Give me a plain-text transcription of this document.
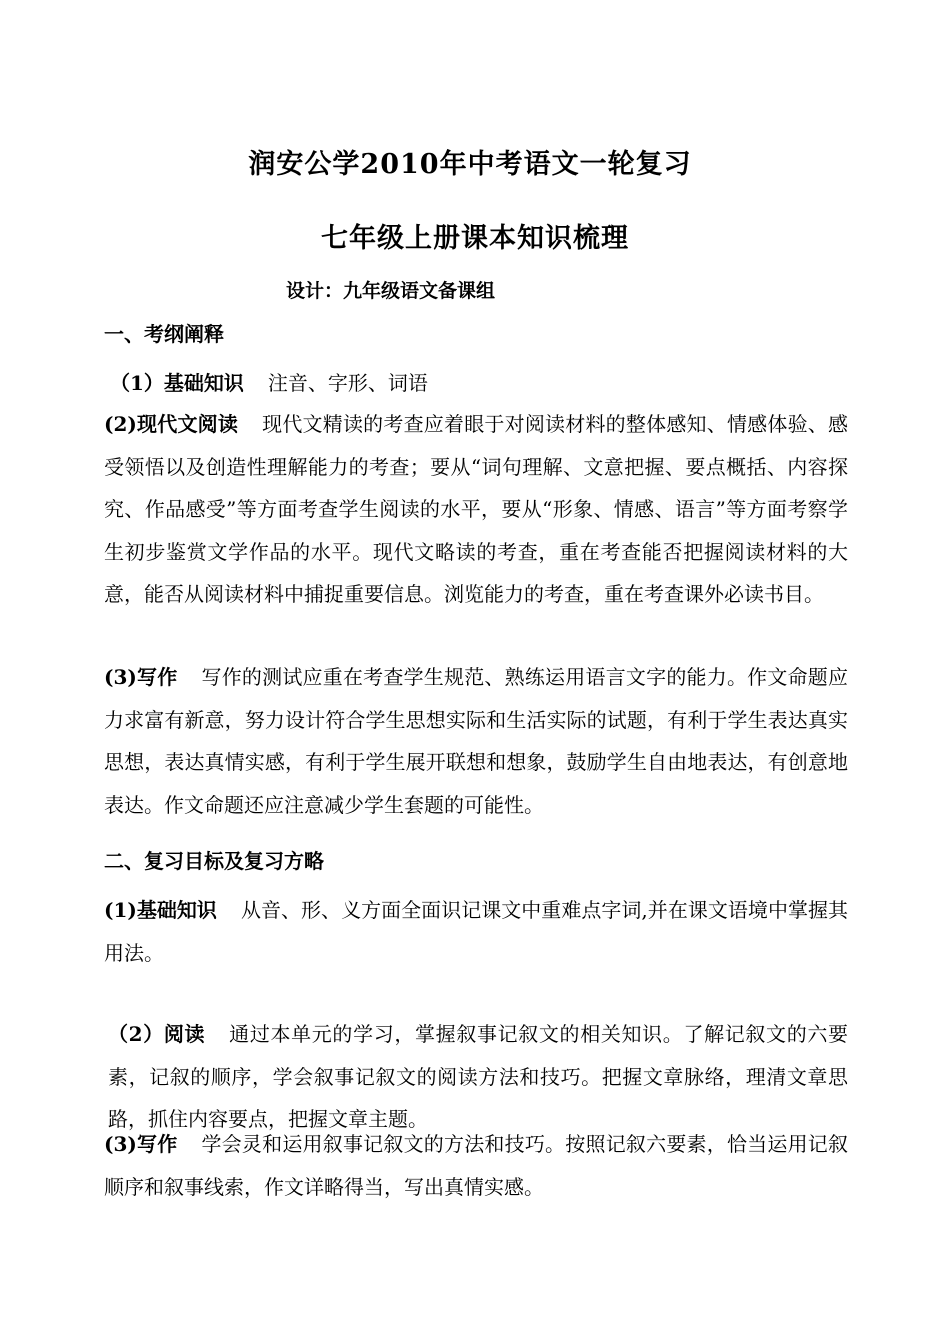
润安公学2010年中考语文一轮复习
七年级上册课本知识梳理
设计：九年级语文备课组
一、考纲阐释
（1）基础知识 注音、字形、词语
(2)现代文阅读 现代文精读的考查应着眼于对阅读材料的整体感知、情感体验、感受领悟以及创造性理解能力的考查；要从“词句理解、文意把握、要点概括、内容探究、作品感受”等方面考查学生阅读的水平，要从“形象、情感、语言”等方面考察学生初步鉴赏文学作品的水平。现代文略读的考查，重在考查能否把握阅读材料的大意，能否从阅读材料中捕捉重要信息。浏览能力的考查，重在考查课外必读书目。
(3)写作 写作的测试应重在考查学生规范、熟练运用语言文字的能力。作文命题应力求富有新意，努力设计符合学生思想实际和生活实际的试题，有利于学生表达真实思想，表达真情实感，有利于学生展开联想和想象，鼓励学生自由地表达，有创意地表达。作文命题还应注意减少学生套题的可能性。
二、复习目标及复习方略
(1)基础知识 从音、形、义方面全面识记课文中重难点字词,并在课文语境中掌握其用法。
（2）阅读 通过本单元的学习，掌握叙事记叙文的相关知识。了解记叙文的六要素，记叙的顺序，学会叙事记叙文的阅读方法和技巧。把握文章脉络，理清文章思路，抓住内容要点，把握文章主题。
(3)写作 学会灵和运用叙事记叙文的方法和技巧。按照记叙六要素，恰当运用记叙顺序和叙事线索，作文详略得当，写出真情实感。
